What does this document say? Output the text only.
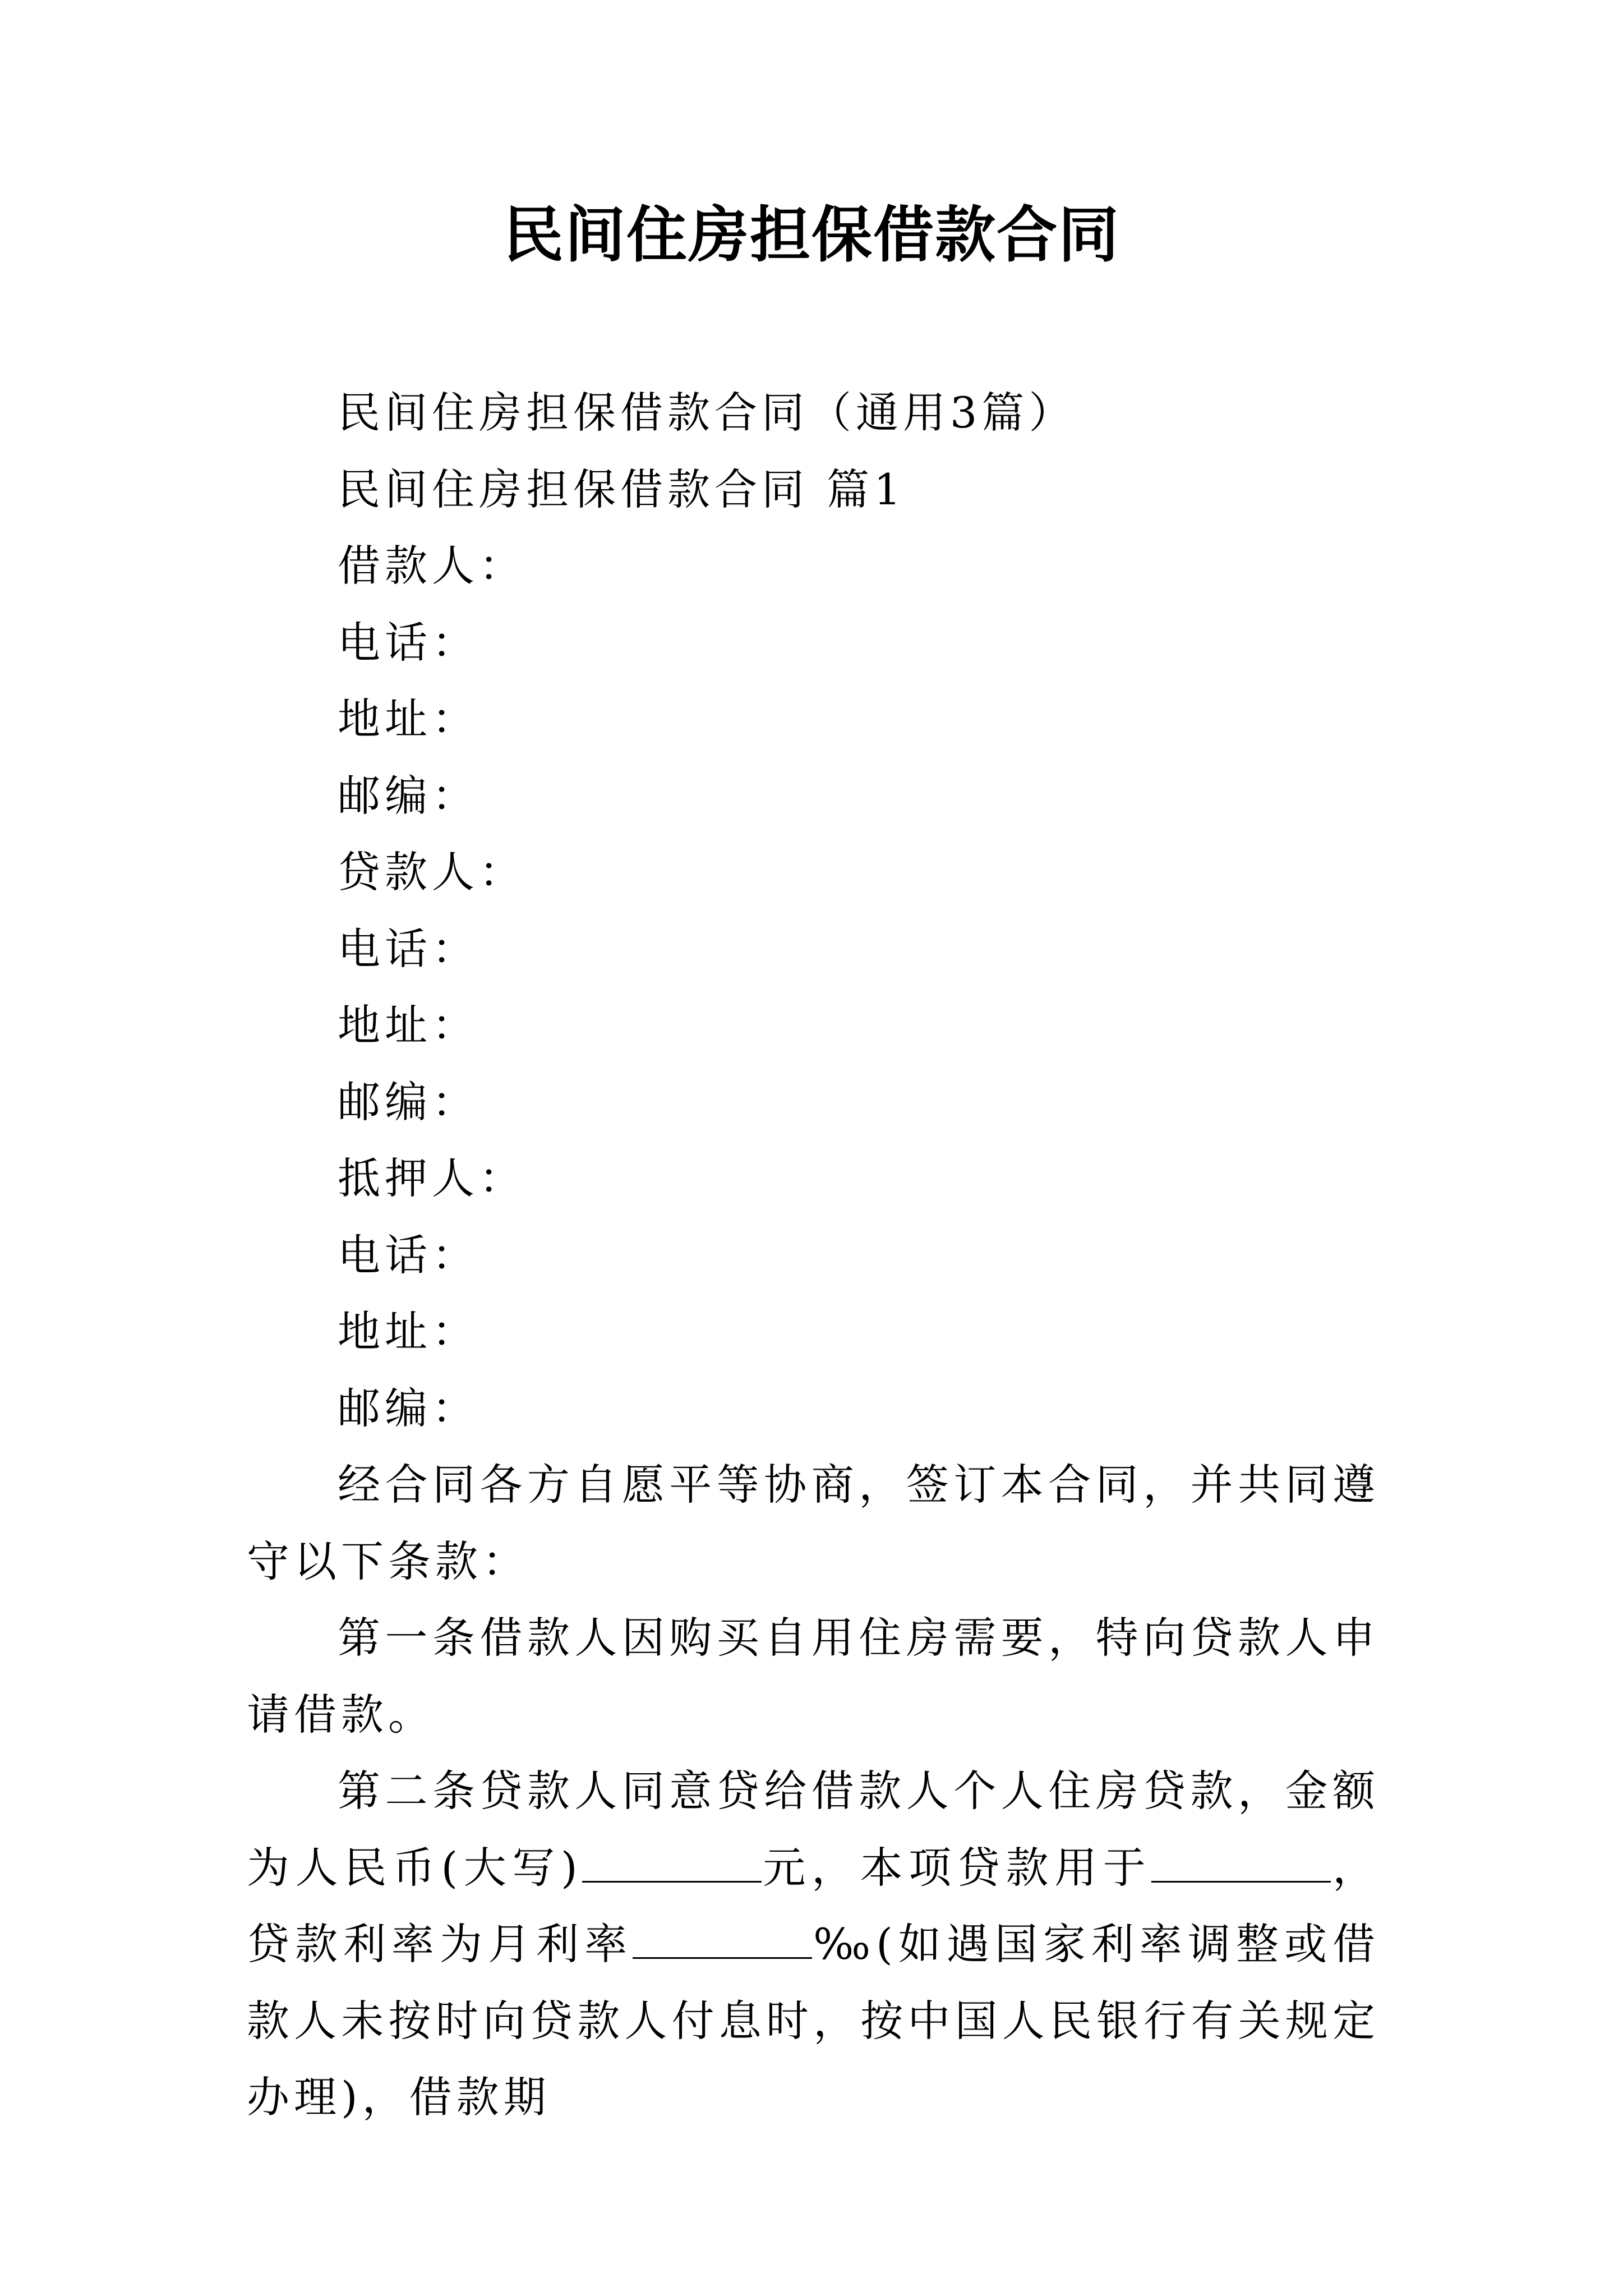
民间住房担保借款合同

民间住房担保借款合同（通用3篇）

民间住房担保借款合同 篇1

借款人：

电话：

地址：

邮编：

贷款人：

电话：

地址：

邮编：

抵押人：

电话：

地址：

邮编：

经合同各方自愿平等协商，签订本合同，并共同遵守以下条款：

第一条借款人因购买自用住房需要，特向贷款人申请借款。

第二条贷款人同意贷给借款人个人住房贷款，金额为人民币(大写)	元，本项贷款用于	，贷款利率为月利率	‰(如遇国家利率调整或借款人未按时向贷款人付息时，按中国人民银行有关规定办理)，借款期
